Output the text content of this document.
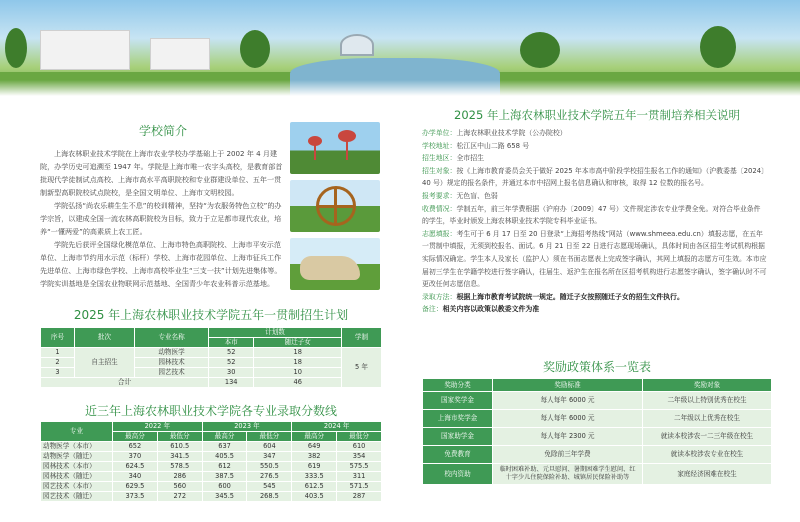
学校简介

上海农林职业技术学院在上海市农业学校办学基础上于 2002 年 4 月建院，办学历史可追溯至 1947 年。学院是上海市唯一农字头高校，是教育部首批现代学徒制试点高校、上海市高水平高职院校和专业群建设单位、五年一贯制新型高职院校试点院校，是全国文明单位、上海市文明校园。

学院弘扬“尚农乐耕生生不息”的校训精神，坚持“为农服务特色立校”的办学宗旨，以建成全国一流农林高职院校为目标，致力于立足都市现代农业，培养“一懂两爱”的高素质上农工匠。

学院先后获评全国绿化模范单位、上海市特色高职院校、上海市平安示范单位、上海市节约用水示范（标杆）学校、上海市花园单位、上海市征兵工作先进单位、上海市绿色学校、上海市高校毕业生“三支一扶”计划先进集体等。学院实训基地是全国农业物联网示范基地、全国青少年农业科普示范基地。

2025 年上海农林职业技术学院五年一贯制招生计划
序号	批次	专业名称	计划数		学制
			本市	随迁子女	
1	自主招生	动物医学	52	18	5 年
2		园林技术	52	18	
3		园艺技术	30	10	
合计			134	46	
近三年上海农林职业技术学院各专业录取分数线
专业	2022 年		2023 年		2024 年	
	最高分	最低分	最高分	最低分	最高分	最低分
动物医学（本市）	652	610.5	637	604	649	610
动物医学（随迁）	370	341.5	405.5	347	382	354
园林技术（本市）	624.5	578.5	612	550.5	619	575.5
园林技术（随迁）	340	286	387.5	276.5	333.5	311
园艺技术（本市）	629.5	560	600	545	612.5	571.5
园艺技术（随迁）	373.5	272	345.5	268.5	403.5	287
2025 年上海农林职业技术学院五年一贯制培养相关说明
办学单位：上海农林职业技术学院（公办院校）
学校地址：松江区中山二路 658 号
招生地区：全市招生
招生对象：按《上海市教育委员会关于做好 2025 年本市高中阶段学校招生报名工作的通知》（沪教委基〔2024〕40 号）规定的报名条件，并通过本市中招网上报名信息确认和审核，取得 12 位数的报名号。
报考要求：无色盲、色弱
收费情况：学制五年，前三年学费根据（沪府办〔2009〕47 号）文件规定涉农专业学费全免。对符合毕业条件的学生，毕业时颁发上海农林职业技术学院专科毕业证书。
志愿填报：考生可于 6 月 17 日至 20 日登录“上海招考热线”网站（www.shmeea.edu.cn）填报志愿，在五年一贯制中填报，无须到校报名、面试。6 月 21 日至 22 日进行志愿现场确认，具体时间由各区招生考试机构根据实际情况确定。学生本人及家长（监护人）须在书面志愿表上完成签字确认，其网上填报的志愿方可生效。本市应届初三学生在学籍学校进行签字确认，往届生、返沪生在报名所在区招考机构进行志愿签字确认，签字确认时不可更改任何志愿信息。
录取方法：根据上海市教育考试院统一规定。随迁子女按照随迁子女的招生文件执行。
备注：相关内容以政策以教委文件为准
奖励政策体系一览表
奖助分类	奖励标准	奖励对象
国家奖学金	每人每年 6000 元	二年级以上特别优秀在校生
上海市奖学金	每人每年 6000 元	二年级以上优秀在校生
国家助学金	每人每年 2300 元	就读本校涉农一二三年级在校生
免费教育	免除前三年学费	就读本校涉农专业在校生
校内资助	临时困难补助、元旦慰问、暑期困难学生慰问、红十字少儿住院保险补助、城镇居民保险补助等	家庭经济困难在校生
